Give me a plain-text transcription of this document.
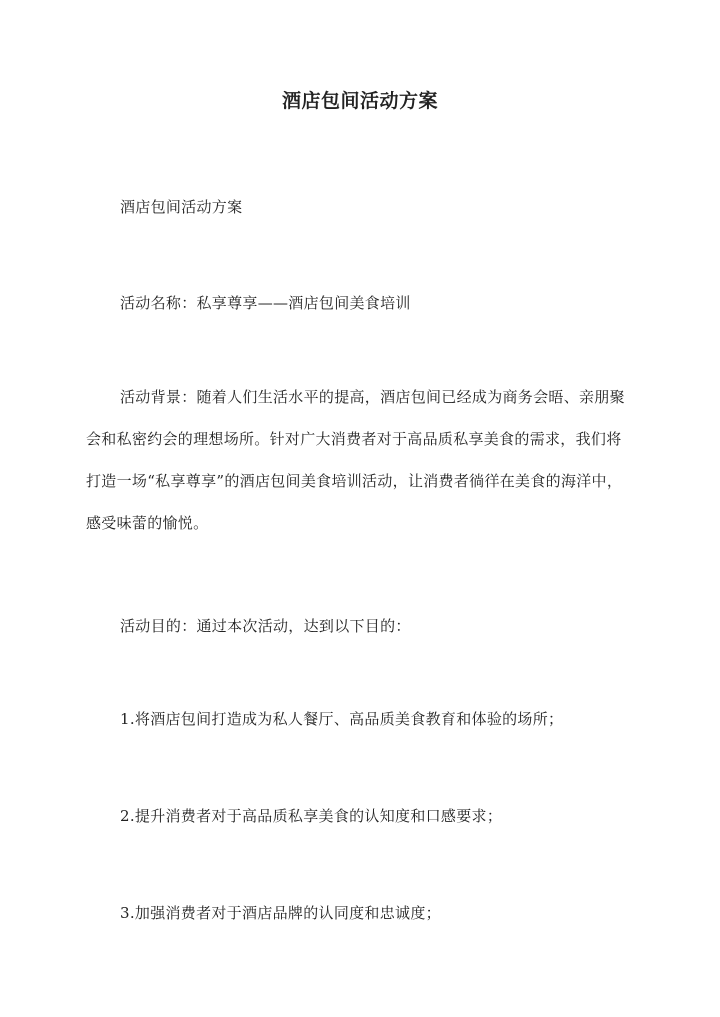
酒店包间活动方案

酒店包间活动方案

活动名称：私享尊享——酒店包间美食培训

活动背景：随着人们生活水平的提高，酒店包间已经成为商务会晤、亲朋聚会和私密约会的理想场所。针对广大消费者对于高品质私享美食的需求，我们将打造一场“私享尊享”的酒店包间美食培训活动，让消费者徜徉在美食的海洋中，感受味蕾的愉悦。

活动目的：通过本次活动，达到以下目的：

1.将酒店包间打造成为私人餐厅、高品质美食教育和体验的场所；

2.提升消费者对于高品质私享美食的认知度和口感要求；

3.加强消费者对于酒店品牌的认同度和忠诚度；
